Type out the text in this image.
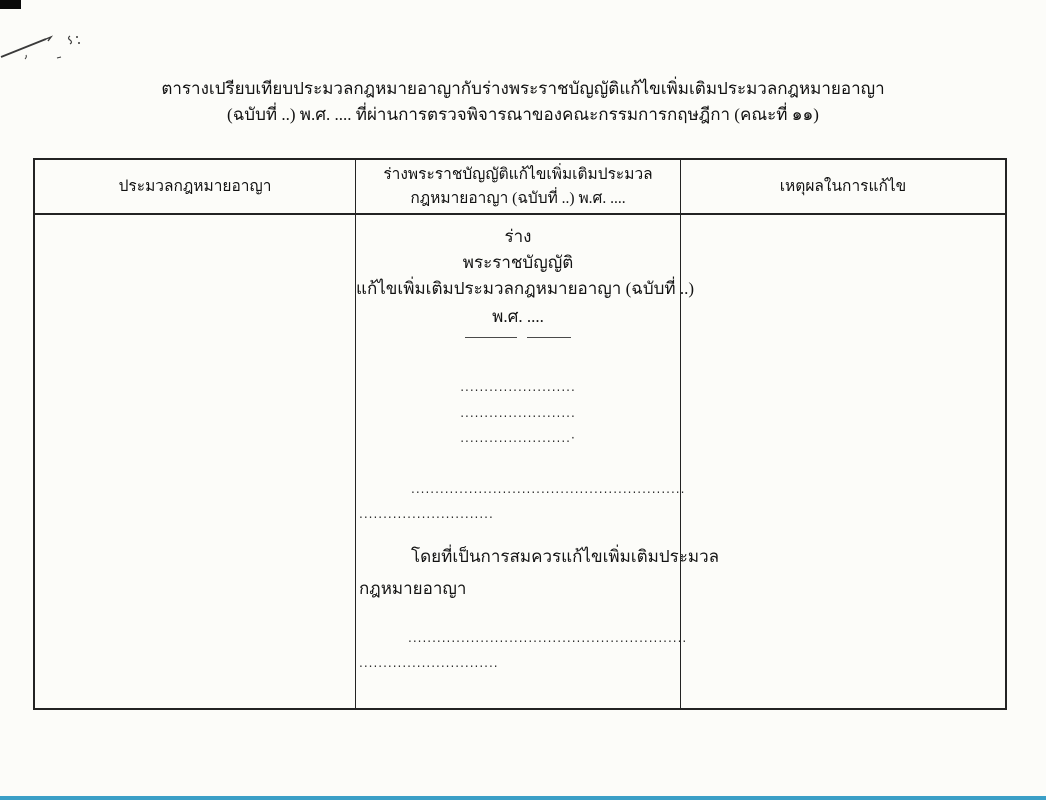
ตารางเปรียบเทียบประมวลกฎหมายอาญากับร่างพระราชบัญญัติแก้ไขเพิ่มเติมประมวลกฎหมายอาญา
(ฉบับที่ ..) พ.ศ. .... ที่ผ่านการตรวจพิจารณาของคณะกรรมการกฤษฎีกา (คณะที่ ๑๑)
ประมวลกฎหมายอาญา
ร่างพระราชบัญญัติแก้ไขเพิ่มเติมประมวล
กฎหมายอาญา (ฉบับที่ ..) พ.ศ. ....
เหตุผลในการแก้ไข
ร่าง
พระราชบัญญัติ
แก้ไขเพิ่มเติมประมวลกฎหมายอาญา (ฉบับที่ ..)
พ.ศ. ....
........................
........................
.......................·
.........................................................
............................
โดยที่เป็นการสมควรแก้ไขเพิ่มเติมประมวล
กฎหมายอาญา
..........................................................
.............................
